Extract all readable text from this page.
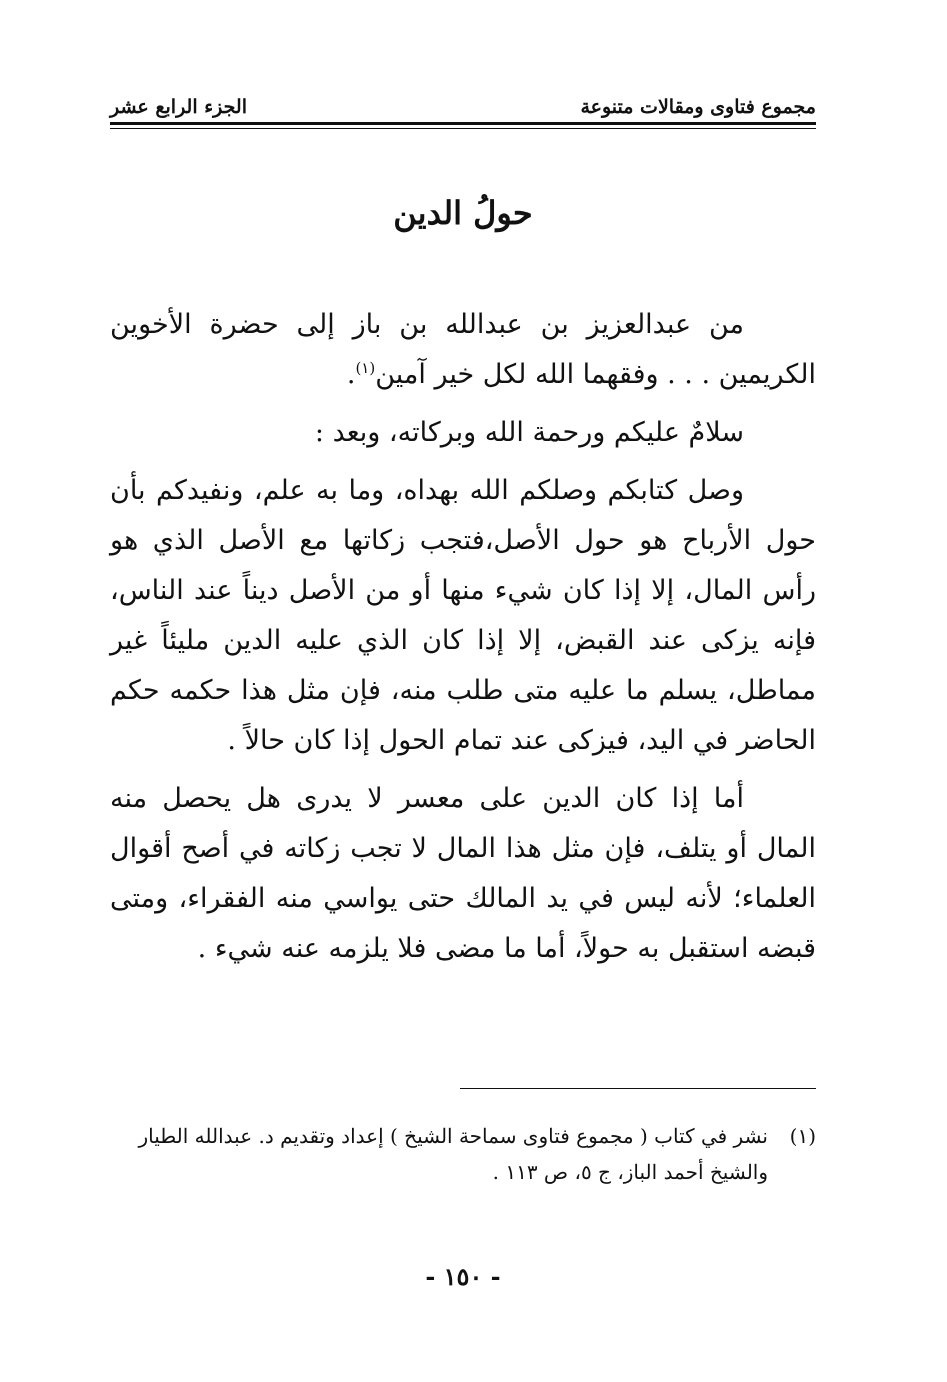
مجموع فتاوى ومقالات متنوعة
الجزء الرابع عشر
حولُ الدين

من عبدالعزيز بن عبدالله بن باز إلى حضرة الأخوين الكريمين . . . وفقهما الله لكل خير آمين$^{(١)}$.

سلامٌ عليكم ورحمة الله وبركاته، وبعد :

وصل كتابكم وصلكم الله بهداه، وما به علم، ونفيدكم بأن حول الأرباح هو حول الأصل،فتجب زكاتها مع الأصل الذي هو رأس المال، إلا إذا كان شيء منها أو من الأصل ديناً عند الناس، فإنه يزكى عند القبض، إلا إذا كان الذي عليه الدين مليئاً غير مماطل، يسلم ما عليه متى طلب منه، فإن مثل هذا حكمه حكم الحاضر في اليد، فيزكى عند تمام الحول إذا كان حالاً .

أما إذا كان الدين على معسر لا يدرى هل يحصل منه المال أو يتلف، فإن مثل هذا المال لا تجب زكاته في أصح أقوال العلماء؛ لأنه ليس في يد المالك حتى يواسي منه الفقراء، ومتى قبضه استقبل به حولاً، أما ما مضى فلا يلزمه عنه شيء .

(١)
نشر في كتاب ( مجموع فتاوى سماحة الشيخ ) إعداد وتقديم د. عبدالله الطيار والشيخ أحمد الباز، ج ٥، ص ١١٣ .
- ١٥٠ -
